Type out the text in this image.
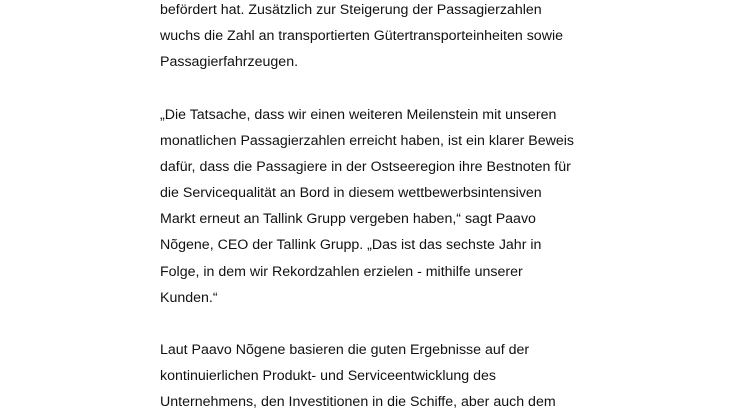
befördert hat. Zusätzlich zur Steigerung der Passagierzahlen
wuchs die Zahl an transportierten Gütertransporteinheiten sowie
Passagierfahrzeugen.

„Die Tatsache, dass wir einen weiteren Meilenstein mit unseren
monatlichen Passagierzahlen erreicht haben, ist ein klarer Beweis
dafür, dass die Passagiere in der Ostseeregion ihre Bestnoten für
die Servicequalität an Bord in diesem wettbewerbsintensiven
Markt erneut an Tallink Grupp vergeben haben,“ sagt Paavo
Nõgene, CEO der Tallink Grupp. „Das ist das sechste Jahr in
Folge, in dem wir Rekordzahlen erzielen - mithilfe unserer
Kunden.“

Laut Paavo Nõgene basieren die guten Ergebnisse auf der
kontinuierlichen Produkt- und Serviceentwicklung des
Unternehmens, den Investitionen in die Schiffe, aber auch dem
